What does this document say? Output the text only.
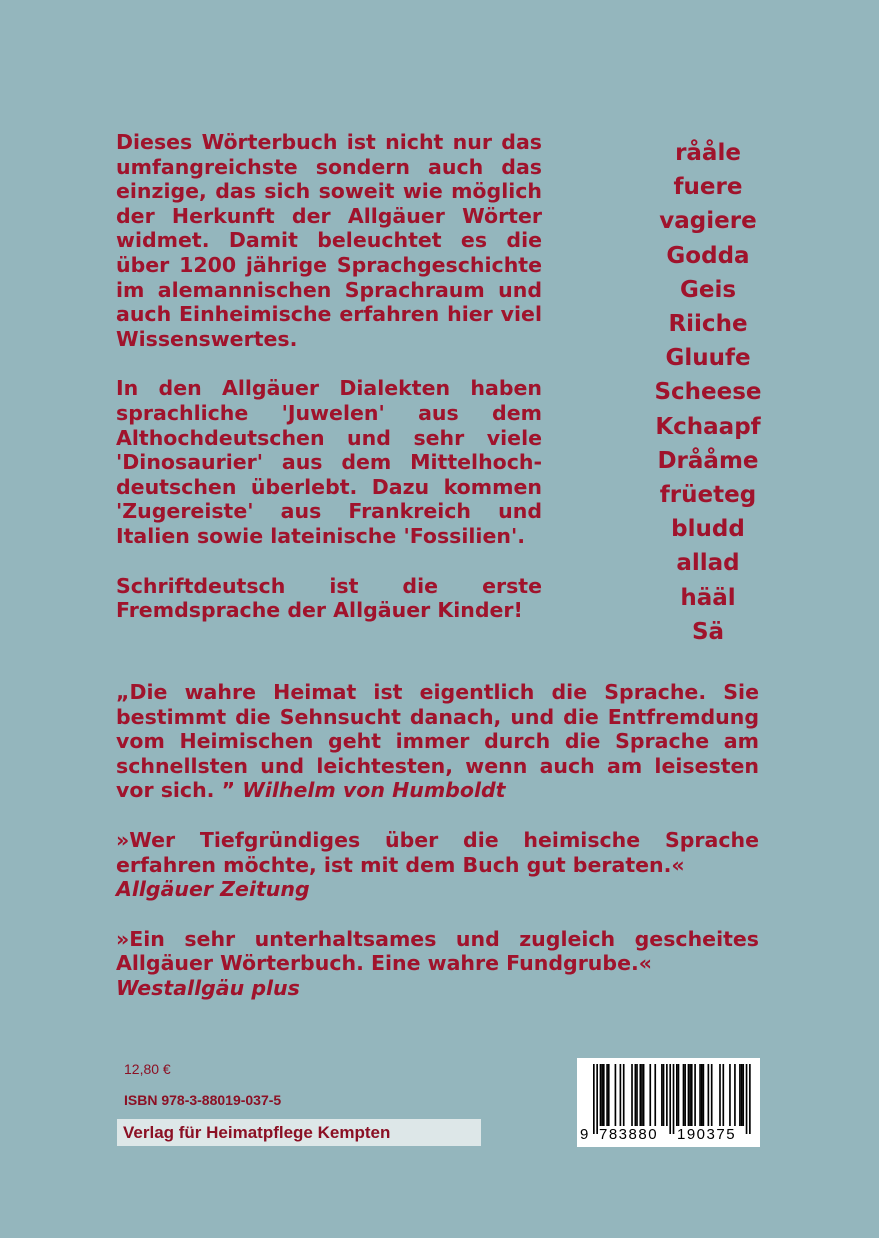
Dieses Wörterbuch ist nicht nur das umfangreichste sondern auch das einzige, das sich soweit wie möglich der Herkunft der Allgäuer Wörter widmet. Damit beleuchtet es die über 1200 jährige Sprachgeschichte im alemannischen Sprachraum und auch Einheimische erfahren hier viel Wissenswertes.

In den Allgäuer Dialekten haben sprachliche 'Juwelen' aus dem Althochdeutschen und sehr viele 'Dinosaurier' aus dem Mittelhoch-deutschen überlebt. Dazu kommen 'Zugereiste' aus Frankreich und Italien sowie lateinische 'Fossilien'.

Schriftdeutsch ist die erste Fremdsprache der Allgäuer Kinder!

rååle
fuere
vagiere
Godda
Geis
Riiche
Gluufe
Scheese
Kchaapf
Drååme
früeteg
bludd
allad
hääl
Sä

„Die wahre Heimat ist eigentlich die Sprache. Sie bestimmt die Sehnsucht danach, und die Entfremdung vom Heimischen geht immer durch die Sprache am schnellsten und leichtesten, wenn auch am leisesten vor sich. ” Wilhelm von Humboldt

»Wer Tiefgründiges über die heimische Sprache erfahren möchte, ist mit dem Buch gut beraten.«
Allgäuer Zeitung

»Ein sehr unterhaltsames und zugleich gescheites Allgäuer Wörterbuch. Eine wahre Fundgrube.«
Westallgäu plus

12,80 €
ISBN 978-3-88019-037-5
Verlag für Heimatpflege Kempten	9 783880 190375
